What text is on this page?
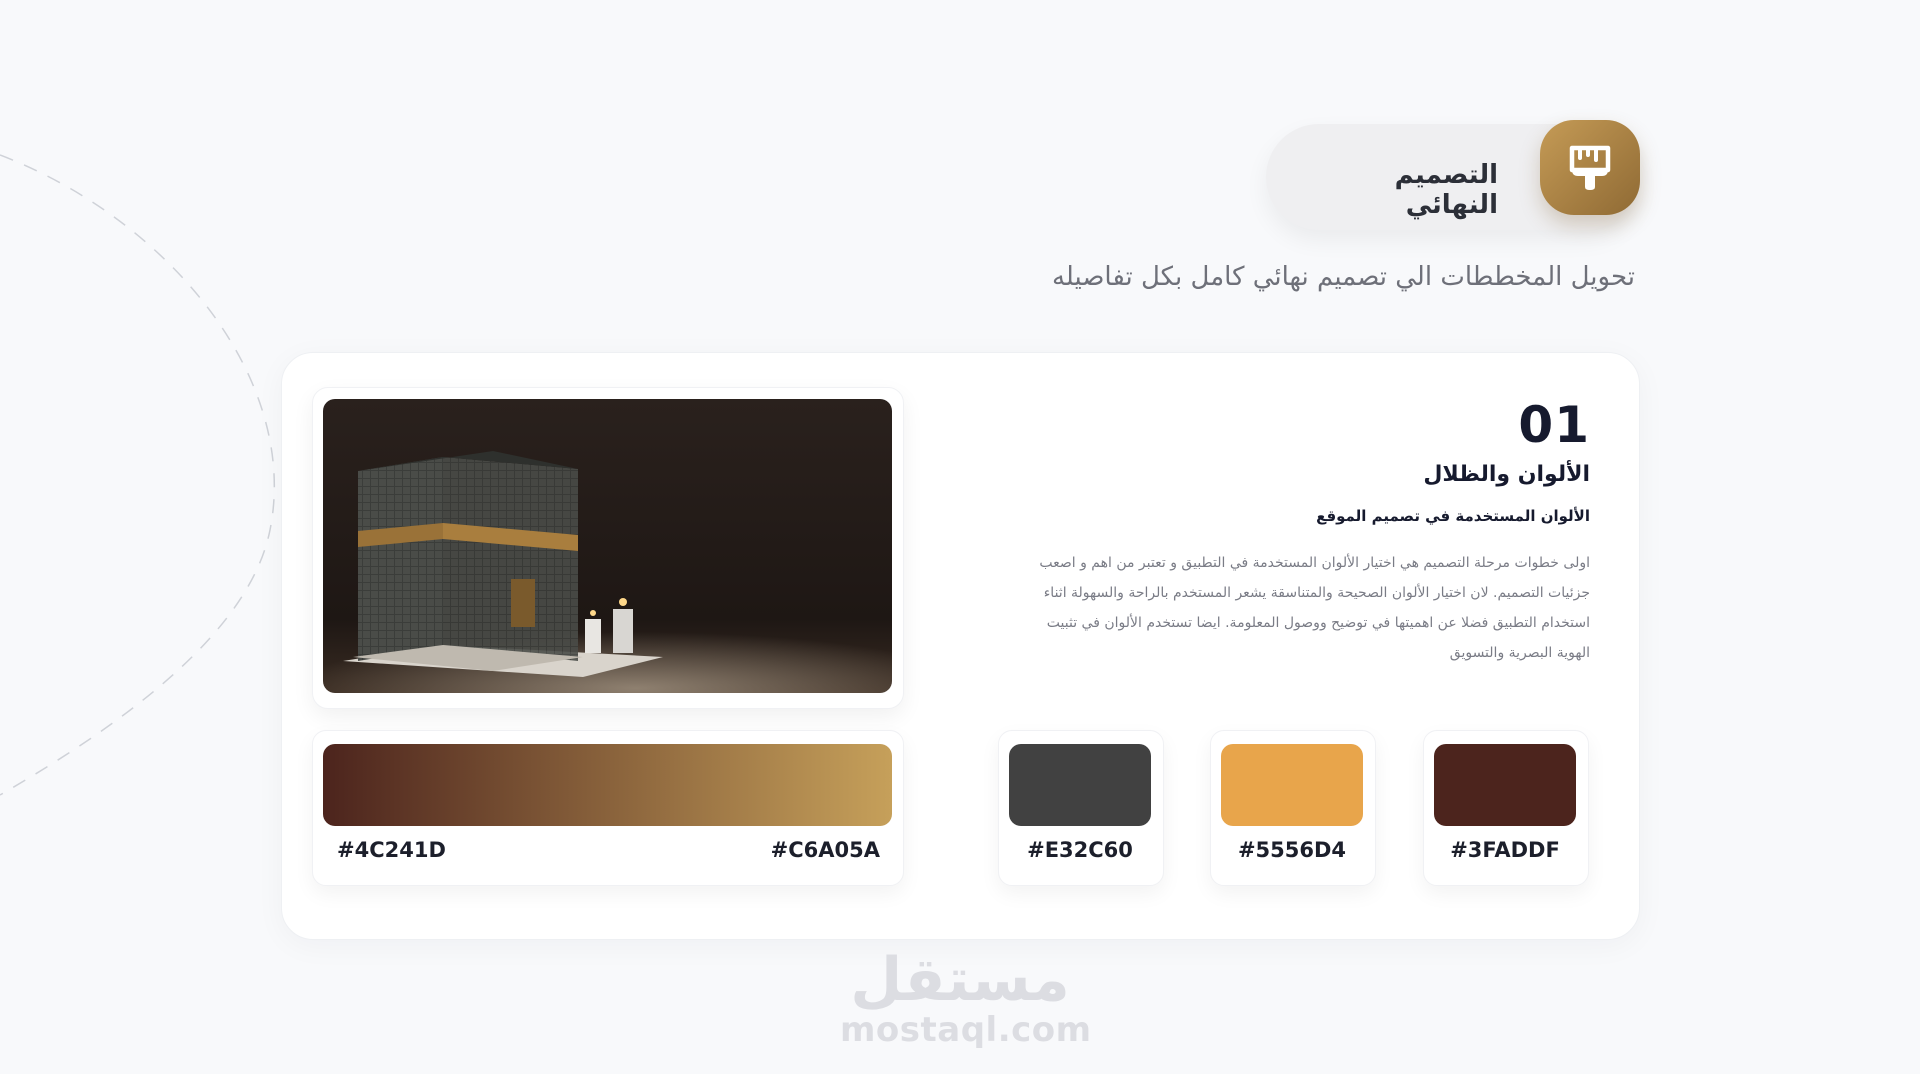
التصميم النهائي
تحويل المخططات الي تصميم نهائي كامل بكل تفاصيله
01
الألوان والظلال
الألوان المستخدمة في تصميم الموقع
اولى خطوات مرحلة التصميم هي اختيار الألوان المستخدمة في التطبيق و تعتبر من اهم و اصعب جزئيات التصميم. لان اختيار الألوان الصحيحة والمتناسقة يشعر المستخدم بالراحة والسهولة اثناء استخدام التطبيق فضلا عن اهميتها في توضيح ووصول المعلومة. ايضا تستخدم الألوان في تثبيت الهوية البصرية والتسويق
#4C241D	#C6A05A	#E32C60	#5556D4	#3FADDF
مستقل
mostaql.com
